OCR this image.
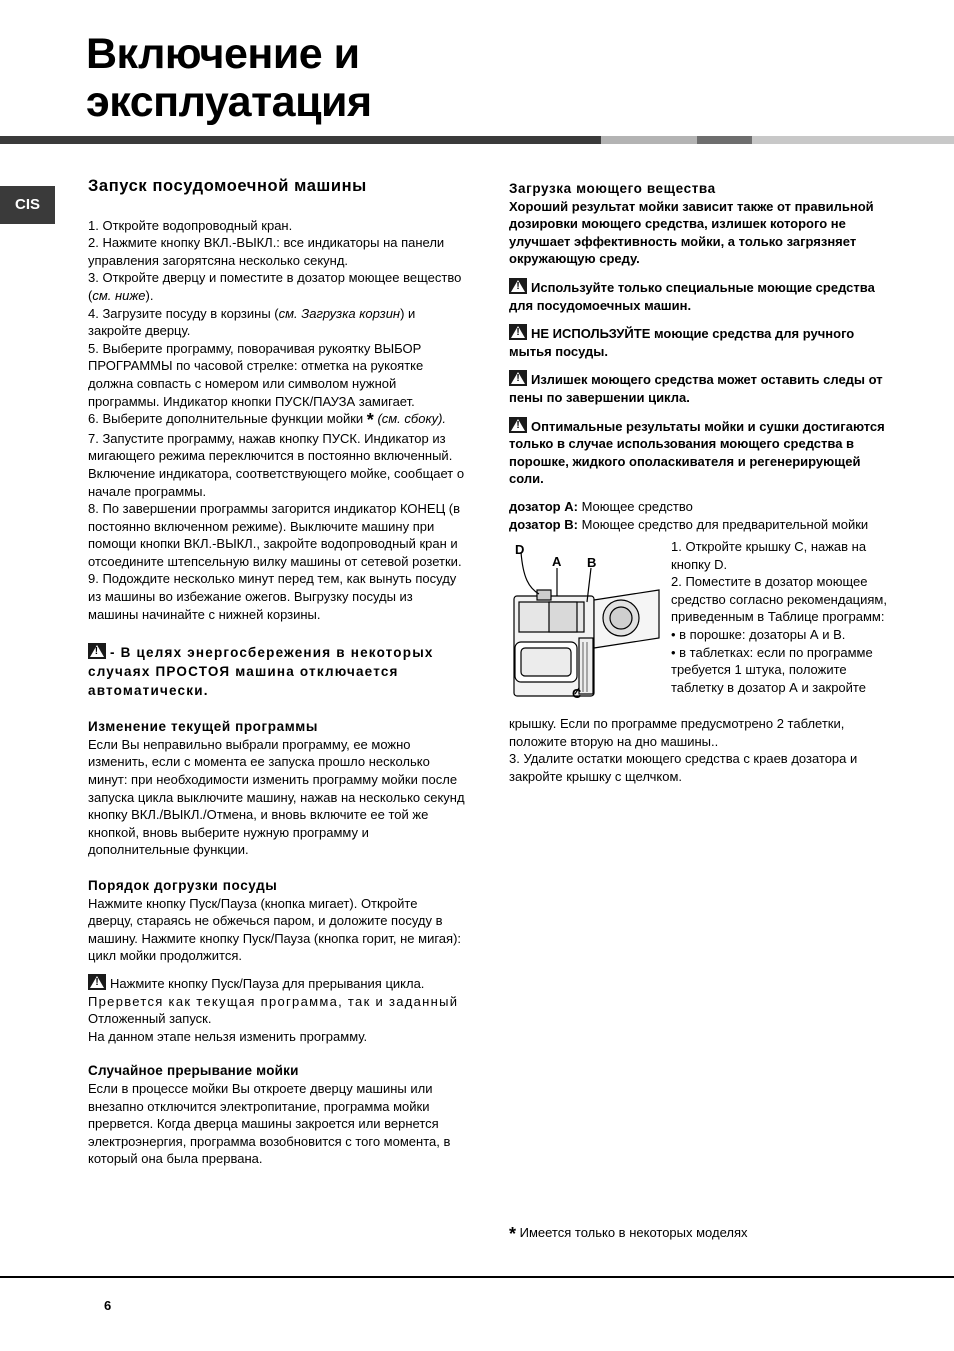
Включение и
эксплуатация
CIS

Запуск посудомоечной машины

1. Откройте водопроводный кран.

2. Нажмите кнопку ВКЛ.-ВЫКЛ.: все индикаторы на панели управления загорятсяна несколько секунд.

3. Откройте дверцу и поместите в дозатор моющее вещество (см. ниже).

4. Загрузите посуду в корзины (см. Загрузка корзин) и закройте дверцу.

5. Выберите программу, поворачивая рукоятку ВЫБОР ПРОГРАММЫ по часовой стрелке: отметка на рукоятке должна совпасть с номером или символом нужной программы. Индикатор кнопки ПУСК/ПАУЗА замигает.

6. Выберите дополнительные функции мойки * (см. сбоку).

7. Запустите программу, нажав кнопку ПУСК. Индикатор из мигающего режима переключится в постоянно включенный. Включение индикатора, соответствующего мойке, сообщает о начале программы.

8. По завершении программы загорится индикатор КОНЕЦ (в постоянно включенном режиме). Выключите машину при помощи кнопки ВКЛ.-ВЫКЛ., закройте водопроводный кран и отсоедините штепсельную вилку машины от сетевой розетки.

9. Подождите несколько минут перед тем, как вынуть посуду из машины во избежание ожегов. Выгрузку посуды из машины начинайте с нижней корзины.

!- В целях энергосбережения в некоторых случаях ПРОСТОЯ машина отключается автоматически.

Изменение текущей программы

Если Вы неправильно выбрали программу, ее можно изменить, если с момента ее запуска прошло несколько минут: при необходимости изменить программу мойки после запуска цикла выключите машину, нажав на несколько секунд кнопку ВКЛ./ВЫКЛ./Отмена, и вновь включите ее той же кнопкой, вновь выберите нужную программу и дополнительные функции.

Порядок догрузки посуды

Нажмите кнопку Пуск/Пауза (кнопка мигает). Откройте дверцу, стараясь не обжечься паром, и доложите посуду в машину. Нажмите кнопку Пуск/Пауза (кнопка горит, не мигая): цикл мойки продолжится.

!Нажмите кнопку Пуск/Пауза для прерывания цикла.
Прервется как текущая программа, так и заданный
Отложенный запуск.
На данном этапе нельзя изменить программу.

Случайное прерывание мойки

Если в процессе мойки Вы откроете дверцу машины или внезапно отключится электропитание, программа мойки прервется. Когда дверца машины закроется или вернется электроэнергия, программа возобновится с того момента, в который она была прервана.

Загрузка моющего вещества

Хороший результат мойки зависит также от правильной дозировки моющего средства, излишек которого не улучшает эффективность мойки, а только загрязняет окружающую среду.

!Используйте только специальные моющие средства для посудомоечных машин.

!НЕ ИСПОЛЬЗУЙТЕ моющие средства для ручного мытья посуды.

!Излишек моющего средства может оставить следы от пены по завершении цикла.

!Оптимальные результаты мойки и сушки достигаются только в случае использования моющего средства в порошке, жидкого ополаскивателя и регенерирующей соли.

дозатор А: Моющее средство

дозатор B: Моющее средство для предварительной мойки

D
A B
C

1. Откройте крышку С, нажав на кнопку D.

2. Поместите в дозатор моющее средство согласно рекомендациям, приведенным в Таблице программ:

• в порошке: дозаторы А и В.

• в таблетках: если по программе требуется 1 штука, положите таблетку в дозатор А и закройте

крышку. Если по программе предусмотрено 2 таблетки, положите вторую на дно машины..

3. Удалите остатки моющего средства с краев дозатора и закройте крышку с щелчком.

* Имеется только в некоторых моделях

6
